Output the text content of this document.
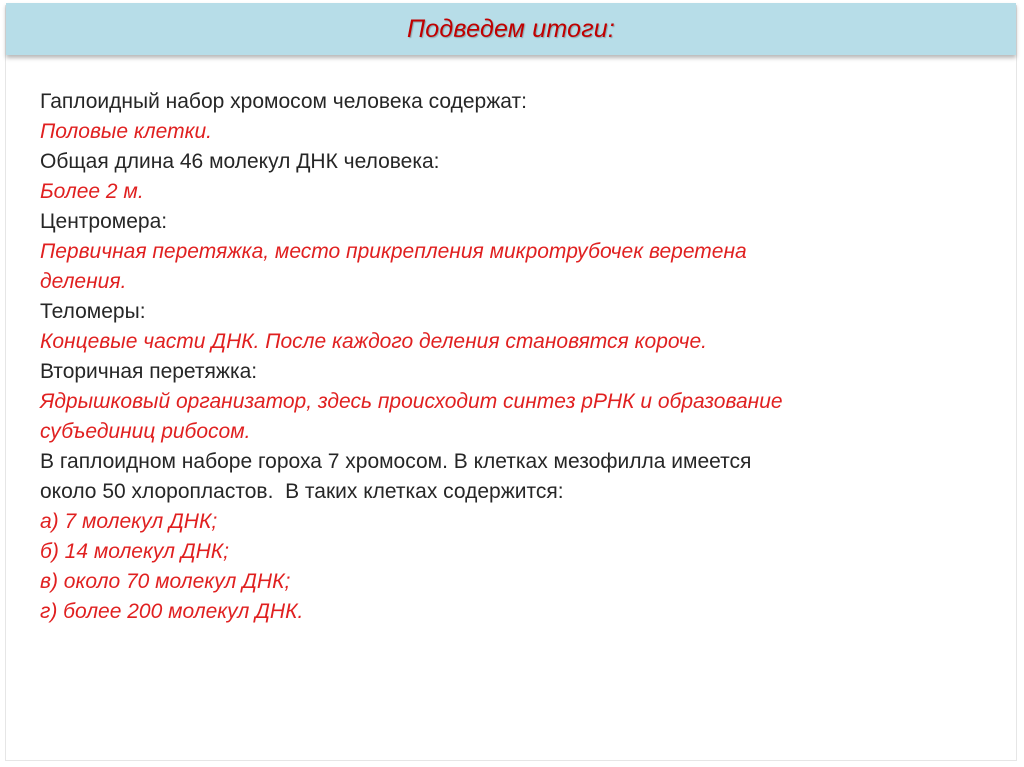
Подведем итоги:

Гаплоидный набор хромосом человека содержат:

Половые клетки.

Общая длина 46 молекул ДНК человека:

Более 2 м.

Центромера:

Первичная перетяжка, место прикрепления микротрубочек веретена

деления.

Теломеры:

Концевые части ДНК. После каждого деления становятся короче.

Вторичная перетяжка:

Ядрышковый организатор, здесь происходит синтез рРНК и образование

субъединиц рибосом.

В гаплоидном наборе гороха 7 хромосом. В клетках мезофилла имеется

около 50 хлоропластов.  В таких клетках содержится:

а) 7 молекул ДНК;

б) 14 молекул ДНК;

в) около 70 молекул ДНК;

г) более 200 молекул ДНК.
